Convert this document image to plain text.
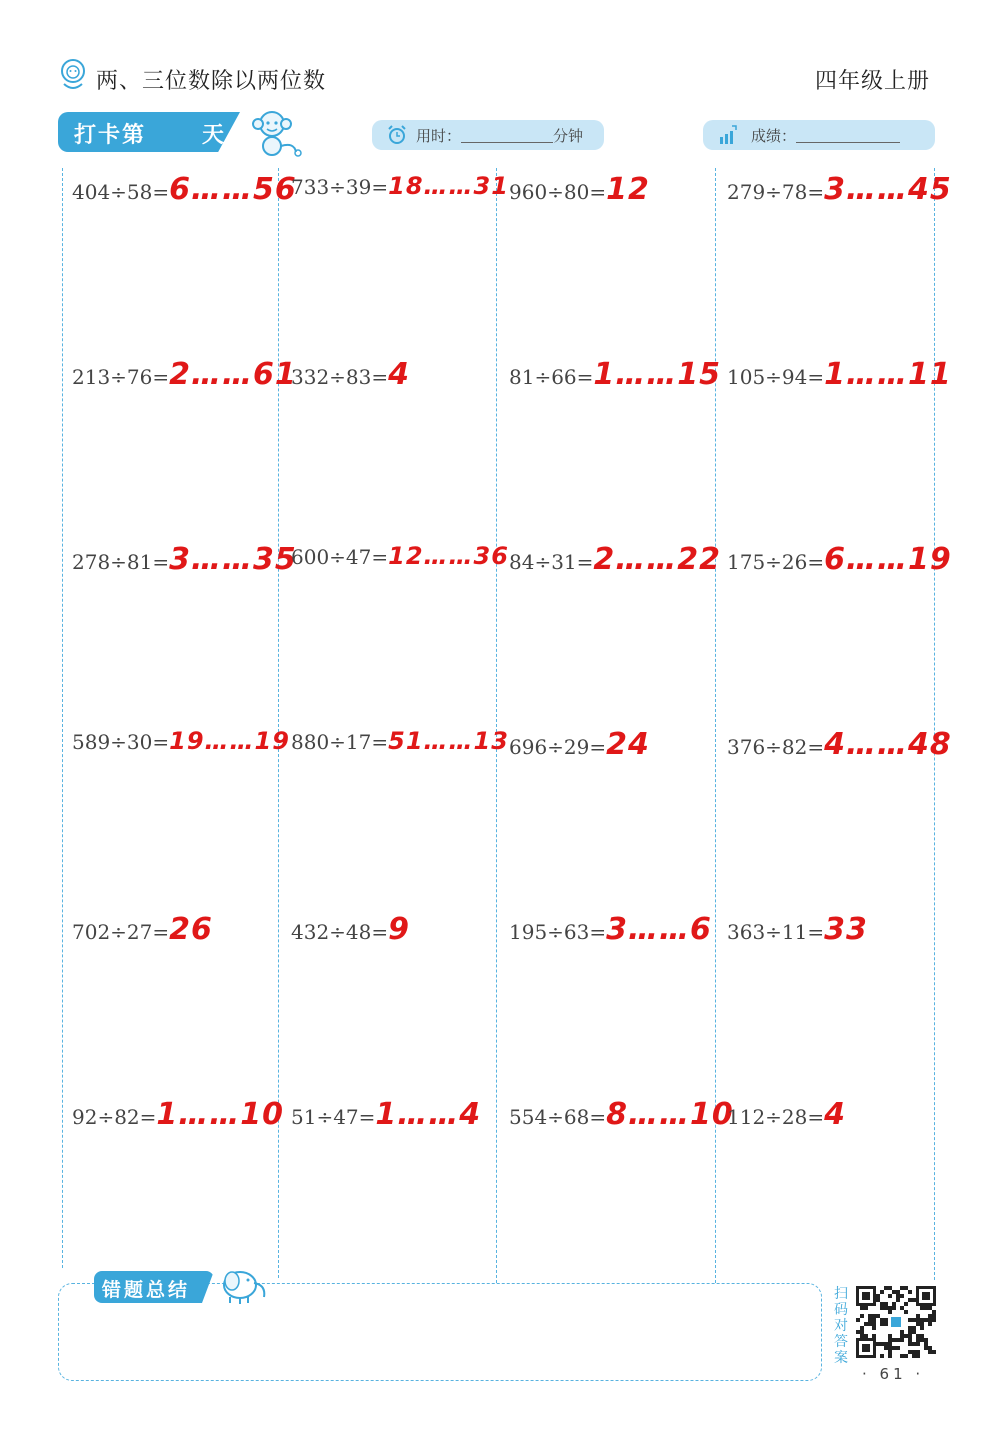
两、三位数除以两位数	四年级上册
打卡第	天	用时：	分钟	成绩：
404÷58=6……56
213÷76=2……61
278÷81=3……35
589÷30=19……19
702÷27=26
92÷82=1……10
733÷39=18……31
332÷83=4
600÷47=12……36
880÷17=51……13
432÷48=9
51÷47=1……4
960÷80=12
81÷66=1……15
84÷31=2……22
696÷29=24
195÷63=3……6
554÷68=8……10
279÷78=3……45
105÷94=1……11
175÷26=6……19
376÷82=4……48
363÷11=33
112÷28=4
错题总结	扫码对答案
· 61 ·
